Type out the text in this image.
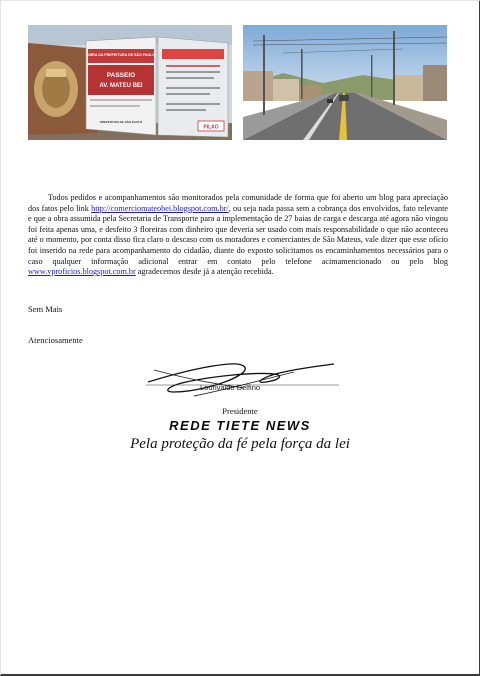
OBRA DA PREFEITURA DE SÃO PAULO
PASSEIO
AV. MATEU BEI
PREFEITURA DE SÃO PAULO
PILAO
Todos pedidos e acompanhamentos são monitorados pela comunidade de forma que foi aberto um blog para apreciação dos fatos pelo link http://comerciomateobei.blogspot.com.br/, ou seja nada passa sem a cobrança dos envolvidos, fato relevante e que a obra assumida pela Secretaria de Transporte para a implementação de 27 baias de carga e descarga até agora não vingou foi feita apenas uma, e desfeito 3 floreiras com dinheiro que deveria ser usado com mais responsabilidade o que não aconteceu até o momento, por conta disso fica claro o descaso com os moradores e comerciantes de São Mateus, vale dizer que esse ofício foi inserido na rede para acompanhamento do cidadão, diante do exposto solicitamos os encaminhamentos necessários para o caso qualquer informação adicional entrar em contato pelo telefone acimamencionado ou pelo blog www.vproficios.blogspot.com.br agradecemos desde já a atenção recebida.
Sem Mais
Atenciosamente
Lourivaldo Delfino
Presidente
REDE TIETE NEWS
Pela proteção da fé pela força da lei
